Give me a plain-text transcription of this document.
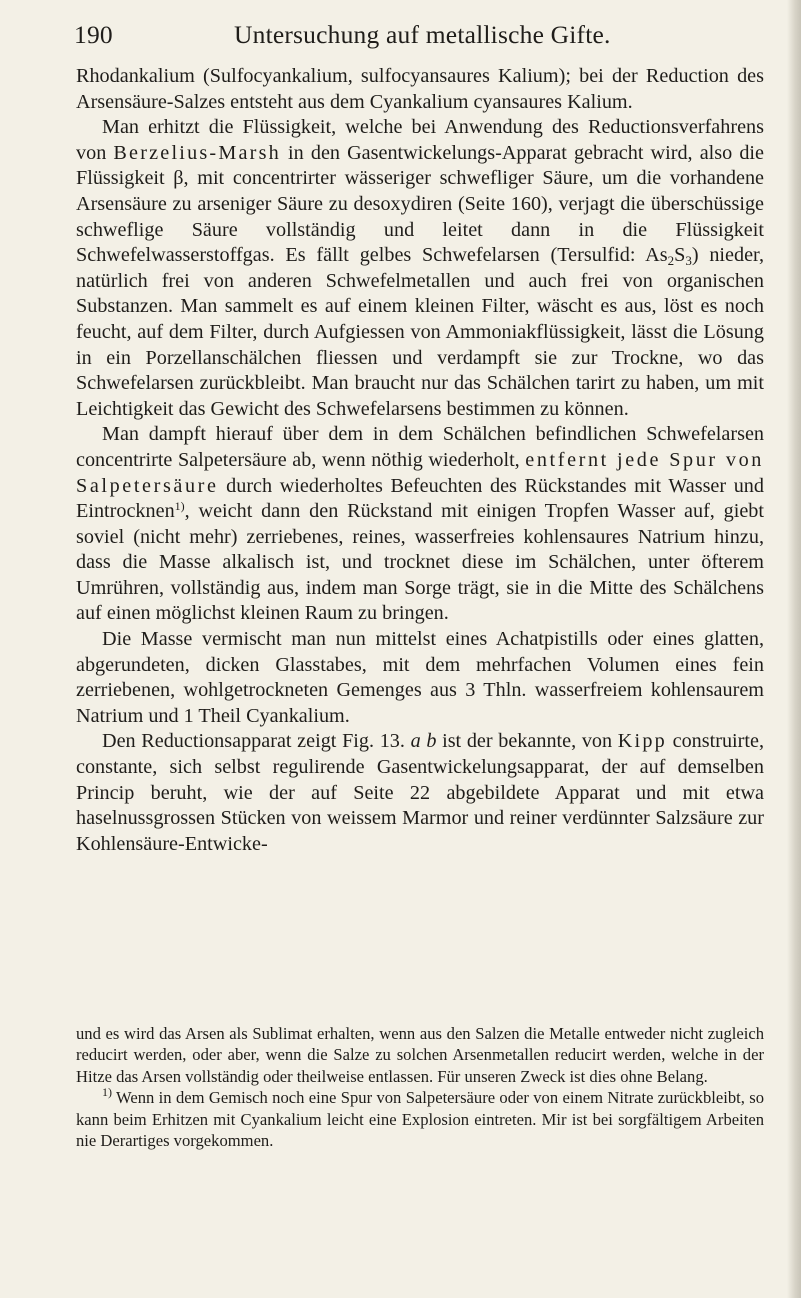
190	Untersuchung auf metallische Gifte.

Rhodankalium (Sulfocyankalium, sulfocyansaures Kalium); bei der Reduction des Arsensäure-Salzes entsteht aus dem Cyankalium cyansaures Kalium.

Man erhitzt die Flüssigkeit, welche bei Anwendung des Reductionsverfahrens von Berzelius-Marsh in den Gasentwickelungs-Apparat gebracht wird, also die Flüssigkeit β, mit concentrirter wässeriger schwefliger Säure, um die vorhandene Arsensäure zu arseniger Säure zu desoxydiren (Seite 160), verjagt die überschüssige schweflige Säure vollständig und leitet dann in die Flüssigkeit Schwefelwasserstoffgas. Es fällt gelbes Schwefelarsen (Tersulfid: $As_2S_3$) nieder, natürlich frei von anderen Schwefelmetallen und auch frei von organischen Substanzen. Man sammelt es auf einem kleinen Filter, wäscht es aus, löst es noch feucht, auf dem Filter, durch Aufgiessen von Ammoniakflüssigkeit, lässt die Lösung in ein Porzellanschälchen fliessen und verdampft sie zur Trockne, wo das Schwefelarsen zurückbleibt. Man braucht nur das Schälchen tarirt zu haben, um mit Leichtigkeit das Gewicht des Schwefelarsens bestimmen zu können.

Man dampft hierauf über dem in dem Schälchen befindlichen Schwefelarsen concentrirte Salpetersäure ab, wenn nöthig wiederholt, entfernt jede Spur von Salpetersäure durch wiederholtes Befeuchten des Rückstandes mit Wasser und Eintrocknen$^{1)}$, weicht dann den Rückstand mit einigen Tropfen Wasser auf, giebt soviel (nicht mehr) zerriebenes, reines, wasserfreies kohlensaures Natrium hinzu, dass die Masse alkalisch ist, und trocknet diese im Schälchen, unter öfterem Umrühren, vollständig aus, indem man Sorge trägt, sie in die Mitte des Schälchens auf einen möglichst kleinen Raum zu bringen.

Die Masse vermischt man nun mittelst eines Achatpistills oder eines glatten, abgerundeten, dicken Glasstabes, mit dem mehrfachen Volumen eines fein zerriebenen, wohlgetrockneten Gemenges aus 3 Thln. wasserfreiem kohlensaurem Natrium und 1 Theil Cyankalium.

Den Reductionsapparat zeigt Fig. 13. a b ist der bekannte, von Kipp construirte, constante, sich selbst regulirende Gasentwickelungsapparat, der auf demselben Princip beruht, wie der auf Seite 22 abgebildete Apparat und mit etwa haselnussgrossen Stücken von weissem Marmor und reiner verdünnter Salzsäure zur Kohlensäure-Entwicke-

und es wird das Arsen als Sublimat erhalten, wenn aus den Salzen die Metalle entweder nicht zugleich reducirt werden, oder aber, wenn die Salze zu solchen Arsenmetallen reducirt werden, welche in der Hitze das Arsen vollständig oder theilweise entlassen. Für unseren Zweck ist dies ohne Belang.

$^{1)}$ Wenn in dem Gemisch noch eine Spur von Salpetersäure oder von einem Nitrate zurückbleibt, so kann beim Erhitzen mit Cyankalium leicht eine Explosion eintreten. Mir ist bei sorgfältigem Arbeiten nie Derartiges vorgekommen.
